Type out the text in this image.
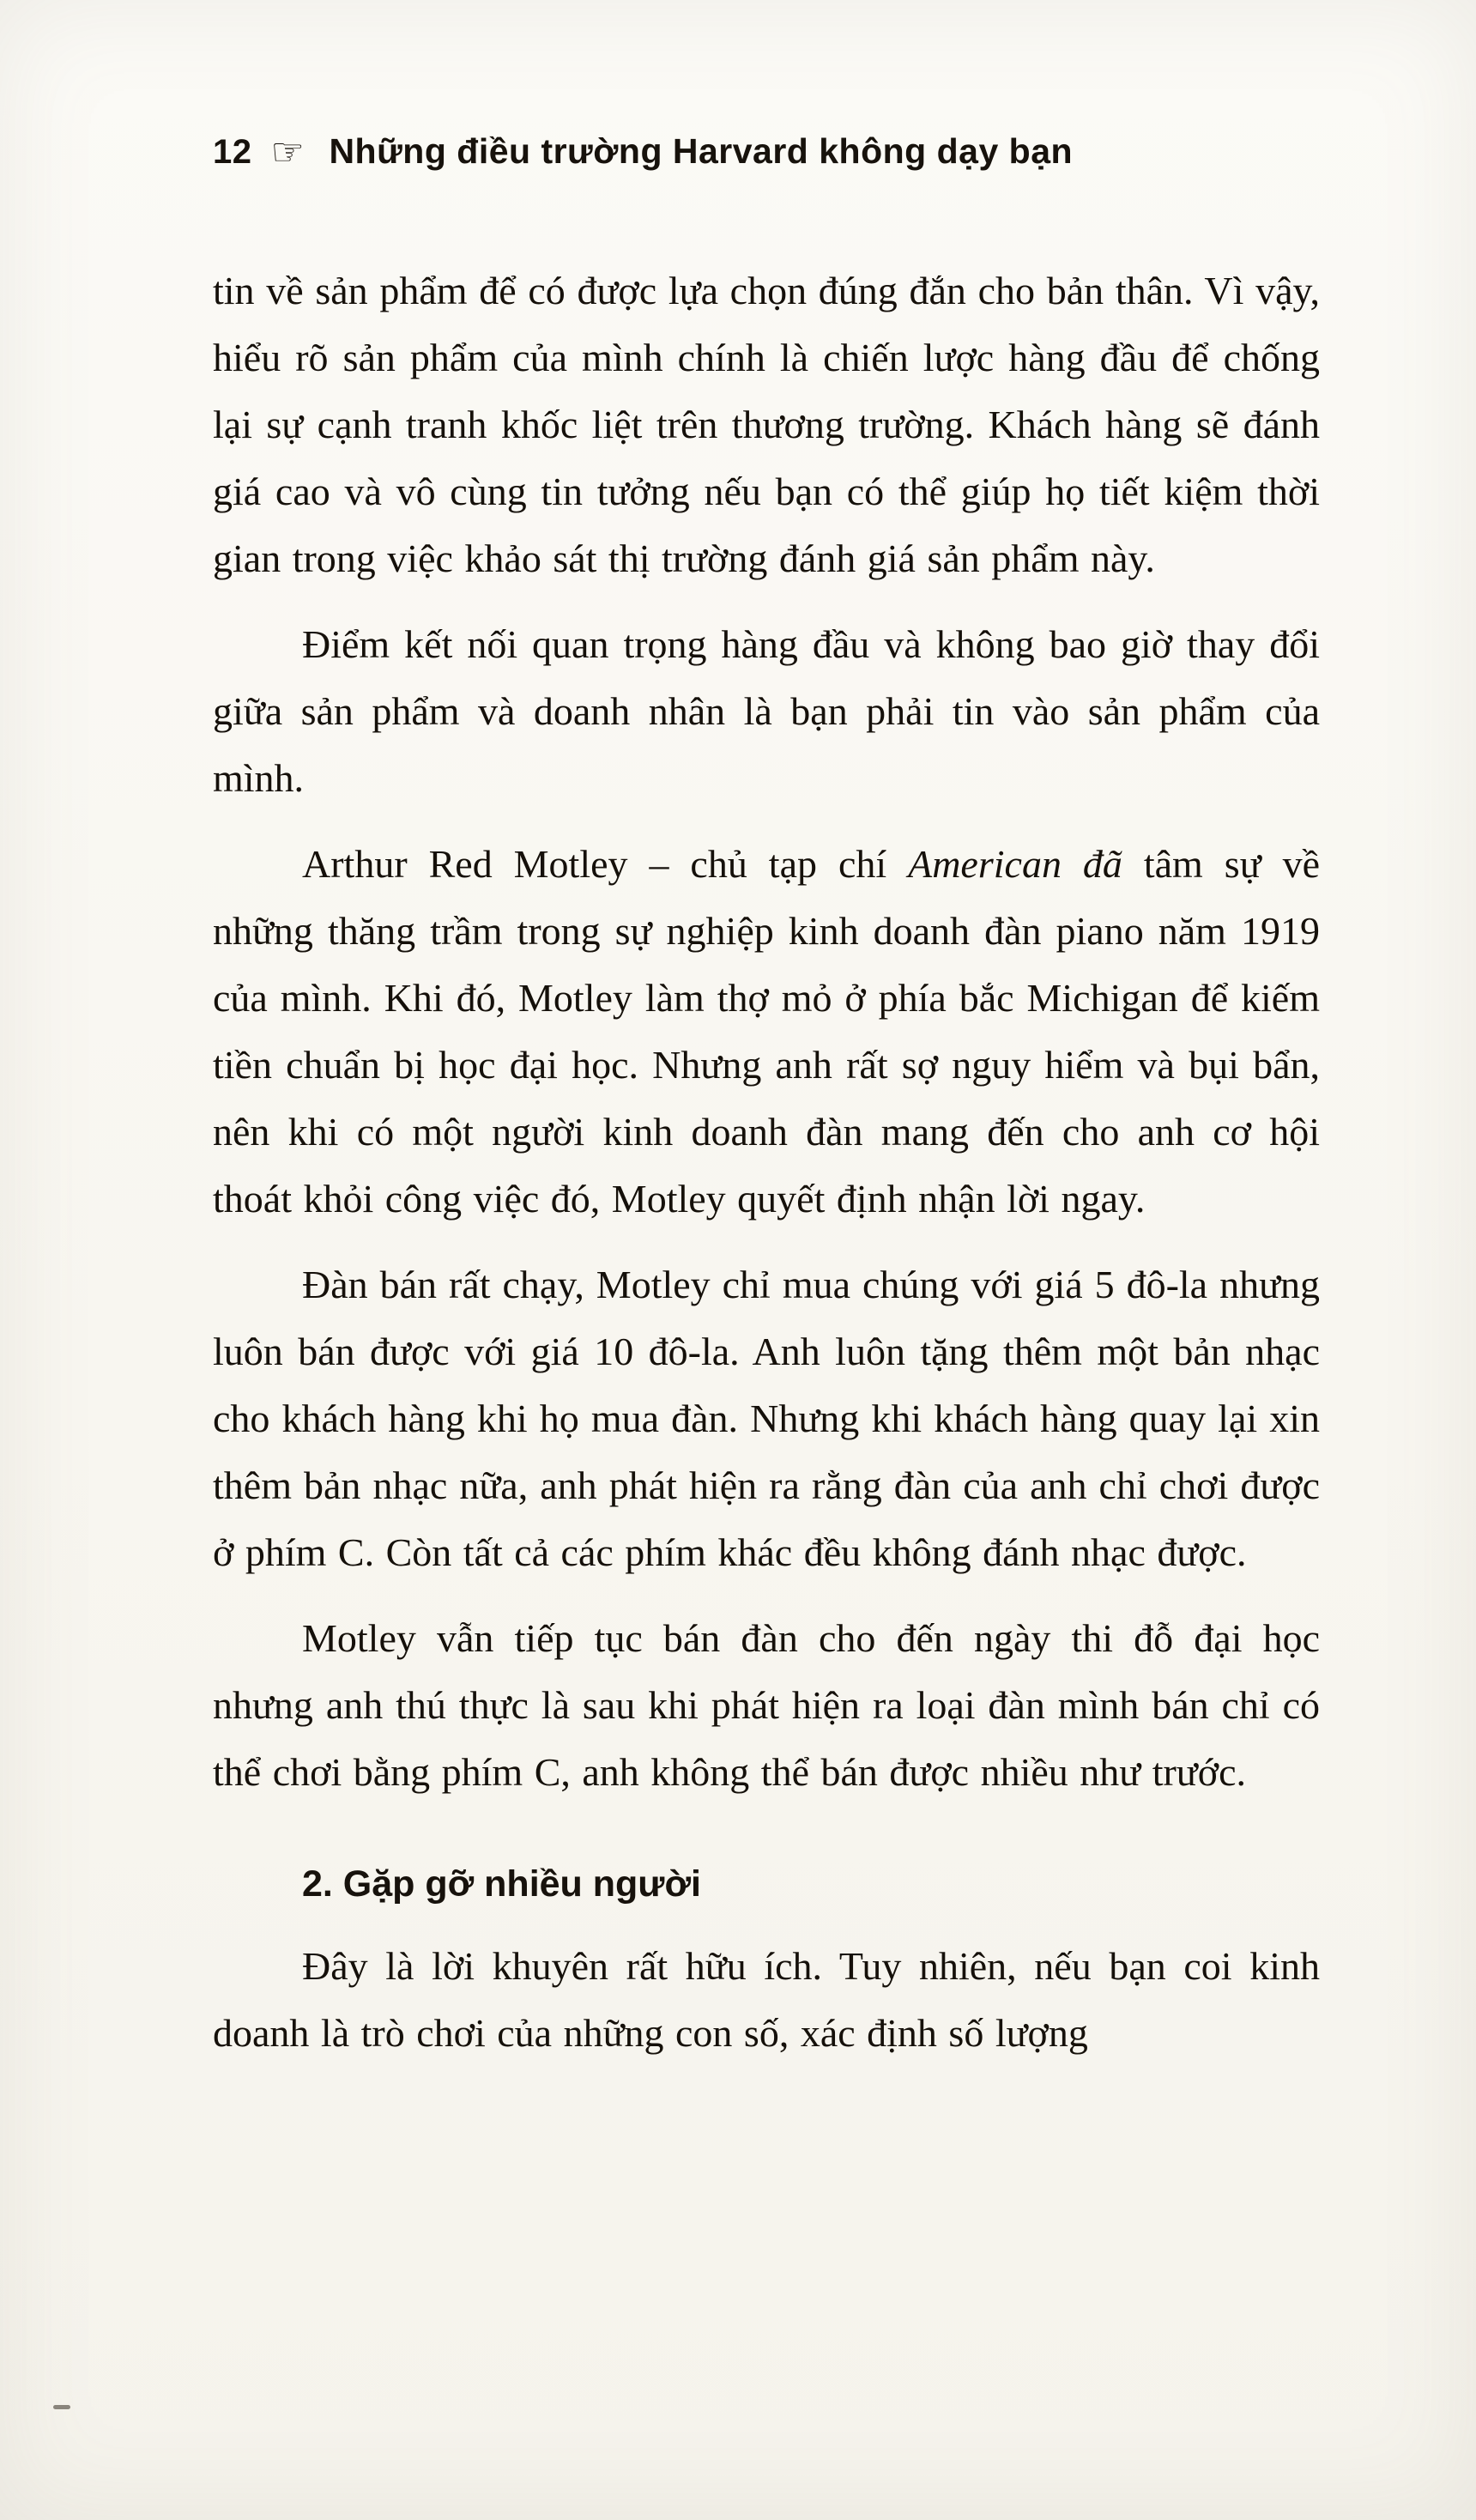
12 ☞ Những điều trường Harvard không dạy bạn

tin về sản phẩm để có được lựa chọn đúng đắn cho bản thân. Vì vậy, hiểu rõ sản phẩm của mình chính là chiến lược hàng đầu để chống lại sự cạnh tranh khốc liệt trên thương trường. Khách hàng sẽ đánh giá cao và vô cùng tin tưởng nếu bạn có thể giúp họ tiết kiệm thời gian trong việc khảo sát thị trường đánh giá sản phẩm này.

Điểm kết nối quan trọng hàng đầu và không bao giờ thay đổi giữa sản phẩm và doanh nhân là bạn phải tin vào sản phẩm của mình.

Arthur Red Motley – chủ tạp chí American đã tâm sự về những thăng trầm trong sự nghiệp kinh doanh đàn piano năm 1919 của mình. Khi đó, Motley làm thợ mỏ ở phía bắc Michigan để kiếm tiền chuẩn bị học đại học. Nhưng anh rất sợ nguy hiểm và bụi bẩn, nên khi có một người kinh doanh đàn mang đến cho anh cơ hội thoát khỏi công việc đó, Motley quyết định nhận lời ngay.

Đàn bán rất chạy, Motley chỉ mua chúng với giá 5 đô-la nhưng luôn bán được với giá 10 đô-la. Anh luôn tặng thêm một bản nhạc cho khách hàng khi họ mua đàn. Nhưng khi khách hàng quay lại xin thêm bản nhạc nữa, anh phát hiện ra rằng đàn của anh chỉ chơi được ở phím C. Còn tất cả các phím khác đều không đánh nhạc được.

Motley vẫn tiếp tục bán đàn cho đến ngày thi đỗ đại học nhưng anh thú thực là sau khi phát hiện ra loại đàn mình bán chỉ có thể chơi bằng phím C, anh không thể bán được nhiều như trước.

2. Gặp gỡ nhiều người

Đây là lời khuyên rất hữu ích. Tuy nhiên, nếu bạn coi kinh doanh là trò chơi của những con số, xác định số lượng
